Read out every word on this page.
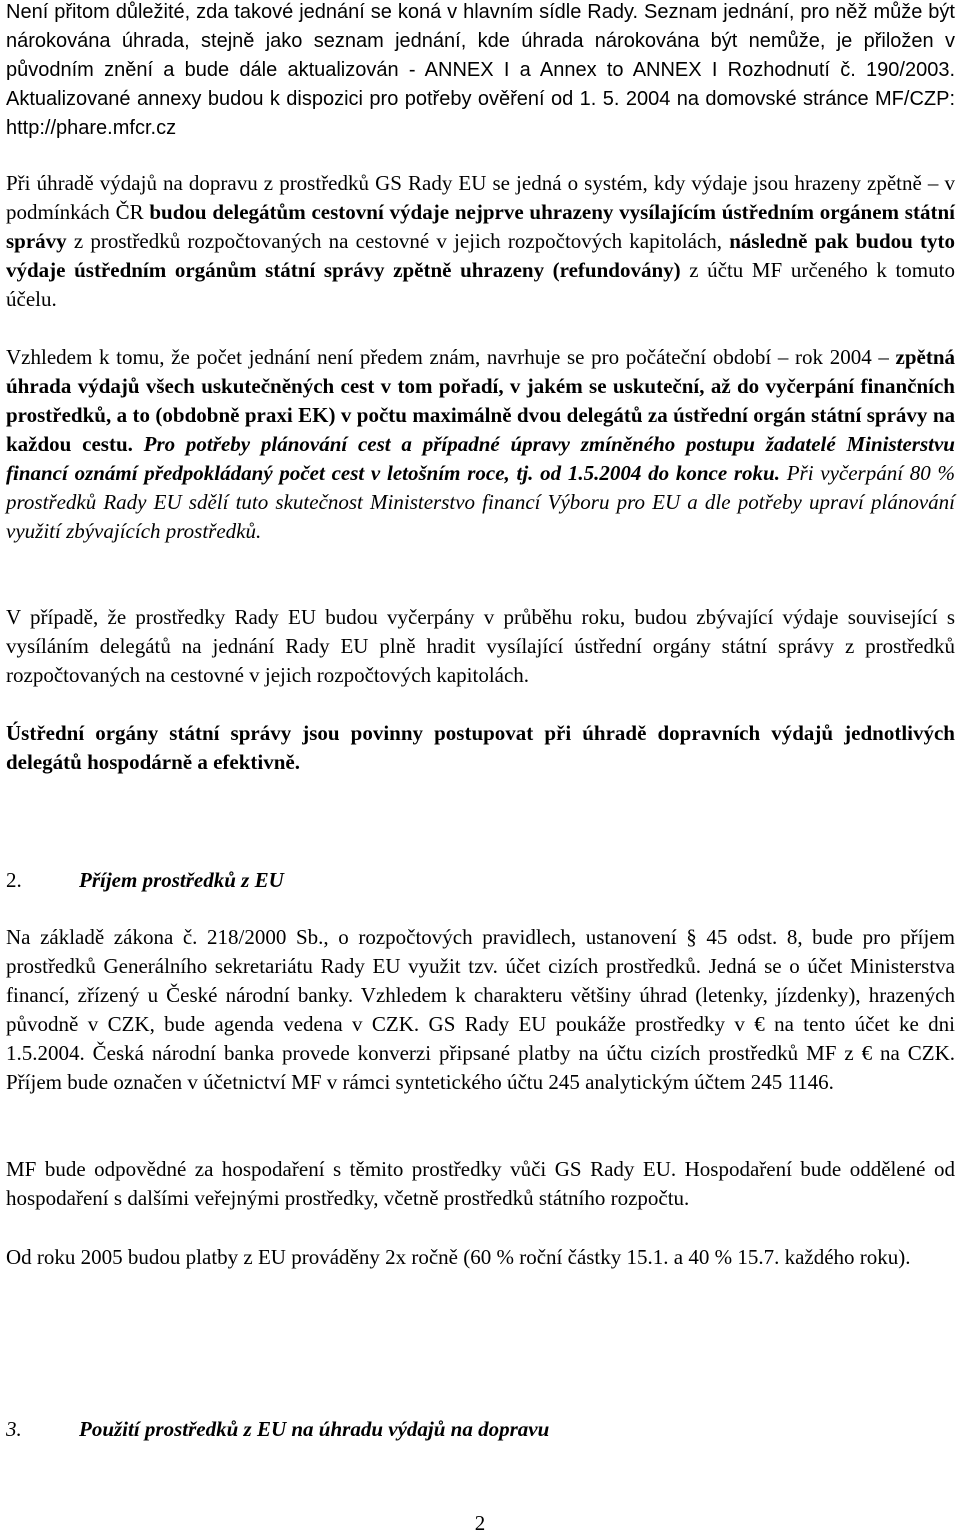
Není přitom důležité, zda takové jednání se koná v hlavním sídle Rady. Seznam jednání, pro něž může být nárokována úhrada, stejně jako seznam jednání, kde úhrada nárokována být nemůže, je přiložen v původním znění a bude dále aktualizován - ANNEX I a Annex to ANNEX I Rozhodnutí č. 190/2003. Aktualizované annexy budou k dispozici pro potřeby ověření od 1. 5. 2004 na domovské stránce MF/CZP: http://phare.mfcr.cz
Při úhradě výdajů na dopravu z prostředků GS Rady EU se jedná o systém, kdy výdaje jsou hrazeny zpětně – v podmínkách ČR budou delegátům cestovní výdaje nejprve uhrazeny vysílajícím ústředním orgánem státní správy z prostředků rozpočtovaných na cestovné v jejich rozpočtových kapitolách, následně pak budou tyto výdaje ústředním orgánům státní správy zpětně uhrazeny (refundovány) z účtu MF určeného k tomuto účelu.
Vzhledem k tomu, že počet jednání není předem znám, navrhuje se pro počáteční období – rok 2004 – zpětná úhrada výdajů všech uskutečněných cest v tom pořadí, v jakém se uskuteční, až do vyčerpání finančních prostředků, a to (obdobně praxi EK) v počtu maximálně dvou delegátů za ústřední orgán státní správy na každou cestu. Pro potřeby plánování cest a případné úpravy zmíněného postupu žadatelé Ministerstvu financí oznámí předpokládaný počet cest v letošním roce, tj. od 1.5.2004 do konce roku. Při vyčerpání 80 % prostředků Rady EU sdělí tuto skutečnost Ministerstvo financí Výboru pro EU a dle potřeby upraví plánování využití zbývajících prostředků.
V případě, že prostředky Rady EU budou vyčerpány v průběhu roku, budou zbývající výdaje související s vysíláním delegátů na jednání Rady EU plně hradit vysílající ústřední orgány státní správy z prostředků rozpočtovaných na cestovné v jejich rozpočtových kapitolách.
Ústřední orgány státní správy jsou povinny postupovat při úhradě dopravních výdajů jednotlivých delegátů hospodárně a efektivně.
2.	Příjem prostředků z EU
Na základě zákona č. 218/2000 Sb., o rozpočtových pravidlech, ustanovení § 45 odst. 8, bude pro příjem prostředků Generálního sekretariátu Rady EU využit tzv. účet cizích prostředků. Jedná se o účet Ministerstva financí, zřízený u České národní banky. Vzhledem k charakteru většiny úhrad (letenky, jízdenky), hrazených původně v CZK, bude agenda vedena v CZK. GS Rady EU poukáže prostředky v € na tento účet ke dni 1.5.2004. Česká národní banka provede konverzi připsané platby na účtu cizích prostředků MF z € na CZK. Příjem bude označen v účetnictví MF v rámci syntetického účtu 245 analytickým účtem 245 1146.
MF bude odpovědné za hospodaření s těmito prostředky vůči GS Rady EU. Hospodaření bude oddělené od hospodaření s dalšími veřejnými prostředky, včetně prostředků státního rozpočtu.
Od roku 2005 budou platby z EU prováděny 2x ročně (60 % roční částky 15.1. a 40 % 15.7. každého roku).
3.	Použití prostředků z EU na úhradu výdajů na dopravu
2
